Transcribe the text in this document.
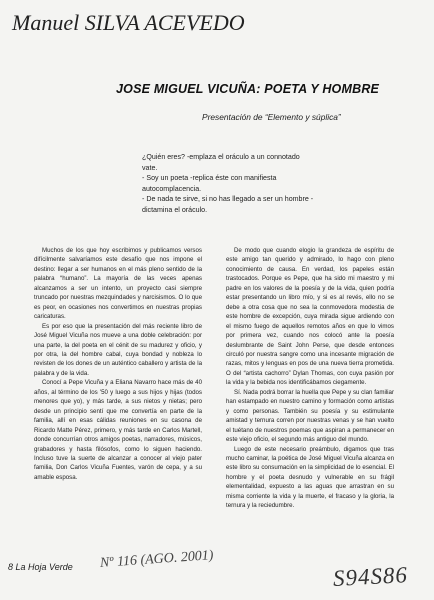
Manuel SILVA ACEVEDO
JOSE MIGUEL VICUÑA: POETA Y HOMBRE
Presentación de “Elemento y súplica”

¿Quién eres? -emplaza el oráculo a un connotado vate.

- Soy un poeta -replica éste con manifiesta autocomplacencia.

- De nada te sirve, si no has llegado a ser un hombre -dictamina el oráculo.

Muchos de los que hoy escribimos y publicamos versos difícilmente salvaríamos este desafío que nos impone el destino: llegar a ser humanos en el más pleno sentido de la palabra “humano”. La mayoría de las veces apenas alcanzamos a ser un intento, un proyecto casi siempre truncado por nuestras mezquindades y narcisismos. O lo que es peor, en ocasiones nos convertimos en nuestras propias caricaturas.

Es por eso que la presentación del más reciente libro de José Miguel Vicuña nos mueve a una doble celebración: por una parte, la del poeta en el cénit de su madurez y oficio, y por otra, la del hombre cabal, cuya bondad y nobleza lo revisten de los dones de un auténtico caballero y artista de la palabra y de la vida.

Conocí a Pepe Vicuña y a Eliana Navarro hace más de 40 años, al término de los '50 y luego a sus hijos y hijas (todos menores que yo), y más tarde, a sus nietos y nietas; pero desde un principio sentí que me convertía en parte de la familia, allí en esas cálidas reuniones en su casona de Ricardo Matte Pérez, primero, y más tarde en Carlos Martell, donde concurrían otros amigos poetas, narradores, músicos, grabadores y hasta filósofos, como lo siguen haciendo. Incluso tuve la suerte de alcanzar a conocer al viejo pater familia, Don Carlos Vicuña Fuentes, varón de cepa, y a su amable esposa.

De modo que cuando elogio la grandeza de espíritu de este amigo tan querido y admirado, lo hago con pleno conocimiento de causa. En verdad, los papeles están trastocados. Porque es Pepe, que ha sido mi maestro y mi padre en los valores de la poesía y de la vida, quien podría estar presentando un libro mío, y si es al revés, ello no se debe a otra cosa que no sea la conmovedora modestia de este hombre de excepción, cuya mirada sigue ardiendo con el mismo fuego de aquellos remotos años en que lo vimos por primera vez, cuando nos colocó ante la poesía deslumbrante de Saint John Perse, que desde entonces circuló por nuestra sangre como una incesante migración de razas, mitos y lenguas en pos de una nueva tierra prometida. O del “artista cachorro” Dylan Thomas, con cuya pasión por la vida y la bebida nos identificábamos ciegamente.

Sí. Nada podrá borrar la huella que Pepe y su clan familiar han estampado en nuestro camino y formación como artistas y como personas. También su poesía y su estimulante amistad y ternura corren por nuestras venas y se han vuelto el tuétano de nuestros poemas que aspiran a permanecer en este viejo oficio, el segundo más antiguo del mundo.

Luego de este necesario preámbulo, digamos que tras mucho caminar, la poética de José Miguel Vicuña alcanza en este libro su consumación en la simplicidad de lo esencial. El hombre y el poeta desnudo y vulnerable en su frágil elementalidad, expuesto a las aguas que arrastran en su misma corriente la vida y la muerte, el fracaso y la gloria, la ternura y la reciedumbre.

8 La Hoja Verde Nº 116 (AGO. 2001)
S94S86
